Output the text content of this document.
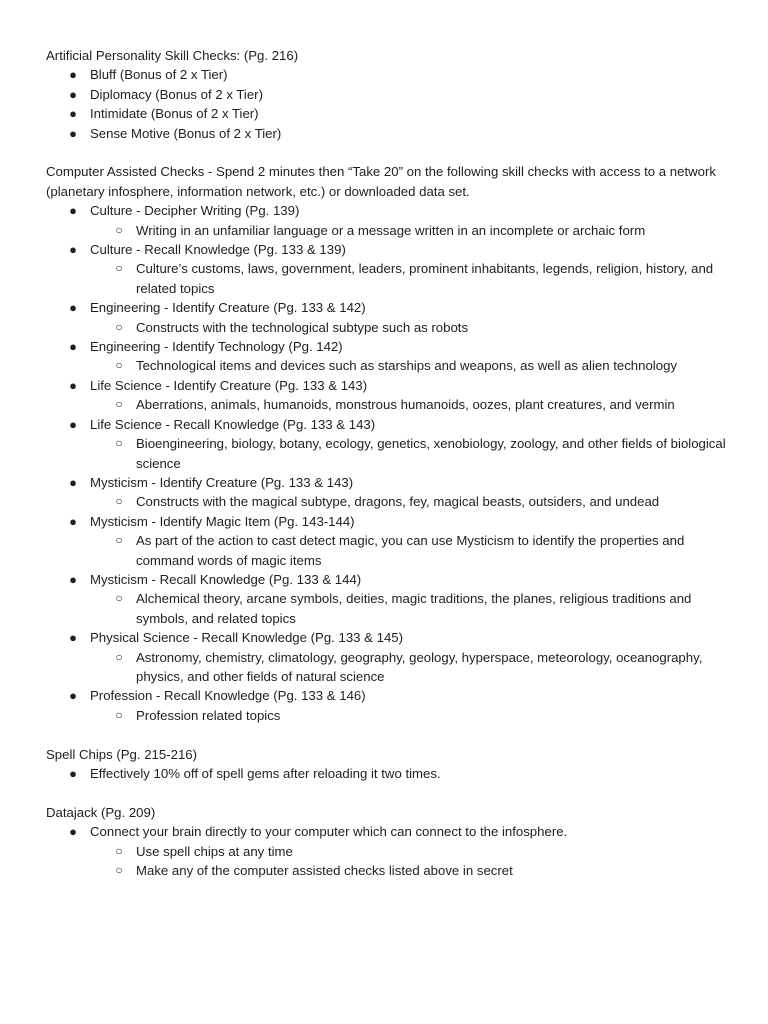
Artificial Personality Skill Checks: (Pg. 216)

● Bluff (Bonus of 2 x Tier)
● Diplomacy (Bonus of 2 x Tier)
● Intimidate (Bonus of 2 x Tier)
● Sense Motive (Bonus of 2 x Tier)

Computer Assisted Checks - Spend 2 minutes then “Take 20” on the following skill checks with access to a network (planetary infosphere, information network, etc.) or downloaded data set.

● Culture - Decipher Writing (Pg. 139)
○ Writing in an unfamiliar language or a message written in an incomplete or archaic form
● Culture - Recall Knowledge (Pg. 133 & 139)
○ Culture’s customs, laws, government, leaders, prominent inhabitants, legends, religion, history, and related topics
● Engineering - Identify Creature (Pg. 133 & 142)
○ Constructs with the technological subtype such as robots
● Engineering - Identify Technology (Pg. 142)
○ Technological items and devices such as starships and weapons, as well as alien technology
● Life Science - Identify Creature (Pg. 133 & 143)
○ Aberrations, animals, humanoids, monstrous humanoids, oozes, plant creatures, and vermin
● Life Science - Recall Knowledge (Pg. 133 & 143)
○ Bioengineering, biology, botany, ecology, genetics, xenobiology, zoology, and other fields of biological science
● Mysticism - Identify Creature (Pg. 133 & 143)
○ Constructs with the magical subtype, dragons, fey, magical beasts, outsiders, and undead
● Mysticism - Identify Magic Item (Pg. 143-144)
○ As part of the action to cast detect magic, you can use Mysticism to identify the properties and command words of magic items
● Mysticism - Recall Knowledge (Pg. 133 & 144)
○ Alchemical theory, arcane symbols, deities, magic traditions, the planes, religious traditions and symbols, and related topics
● Physical Science - Recall Knowledge (Pg. 133 & 145)
○ Astronomy, chemistry, climatology, geography, geology, hyperspace, meteorology, oceanography, physics, and other fields of natural science
● Profession - Recall Knowledge (Pg. 133 & 146)
○ Profession related topics

Spell Chips (Pg. 215-216)

● Effectively 10% off of spell gems after reloading it two times.

Datajack (Pg. 209)

● Connect your brain directly to your computer which can connect to the infosphere.
○ Use spell chips at any time
○ Make any of the computer assisted checks listed above in secret
